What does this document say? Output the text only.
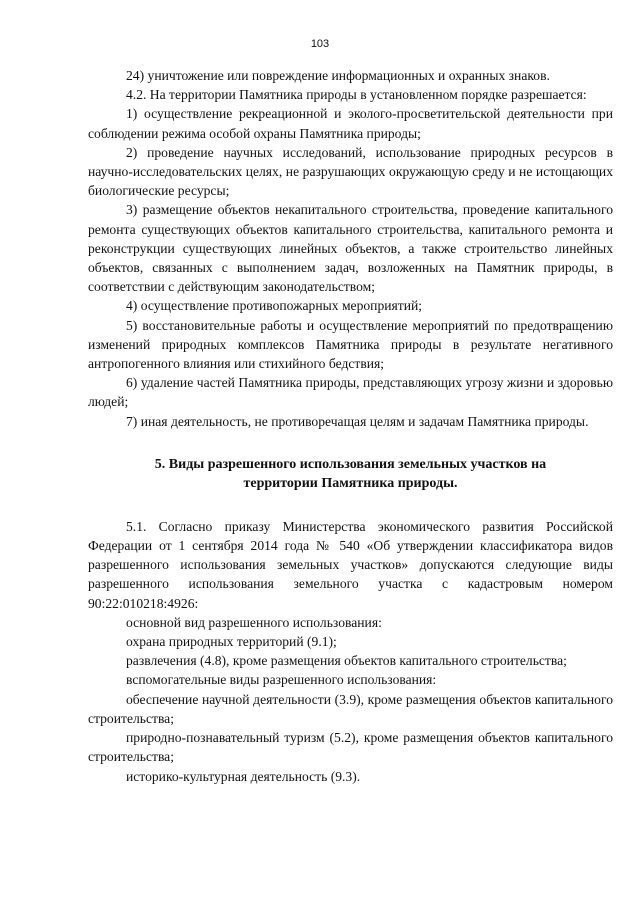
103

24) уничтожение или повреждение информационных и охранных знаков.

4.2. На территории Памятника природы в установленном порядке разрешается:

1) осуществление рекреационной и эколого-просветительской деятельности при соблюдении режима особой охраны Памятника природы;

2) проведение научных исследований, использование природных ресурсов в научно-исследовательских целях, не разрушающих окружающую среду и не истощающих биологические ресурсы;

3) размещение объектов некапитального строительства, проведение капитального ремонта существующих объектов капитального строительства, капитального ремонта и реконструкции существующих линейных объектов, а также строительство линейных объектов, связанных с выполнением задач, возложенных на Памятник природы, в соответствии с действующим законодательством;

4) осуществление противопожарных мероприятий;

5) восстановительные работы и осуществление мероприятий по предотвращению изменений природных комплексов Памятника природы в результате негативного антропогенного влияния или стихийного бедствия;

6) удаление частей Памятника природы, представляющих угрозу жизни и здоровью людей;

7) иная деятельность, не противоречащая целям и задачам Памятника природы.

5. Виды разрешенного использования земельных участков на
территории Памятника природы.

5.1. Согласно приказу Министерства экономического развития Российской Федерации от 1 сентября 2014 года № 540 «Об утверждении классификатора видов разрешенного использования земельных участков» допускаются следующие виды разрешенного использования земельного участка с кадастровым номером 90:22:010218:4926:

основной вид разрешенного использования:

охрана природных территорий (9.1);

развлечения (4.8), кроме размещения объектов капитального строительства;

вспомогательные виды разрешенного использования:

обеспечение научной деятельности (3.9), кроме размещения объектов капитального строительства;

природно-познавательный туризм (5.2), кроме размещения объектов капитального строительства;

историко-культурная деятельность (9.3).
